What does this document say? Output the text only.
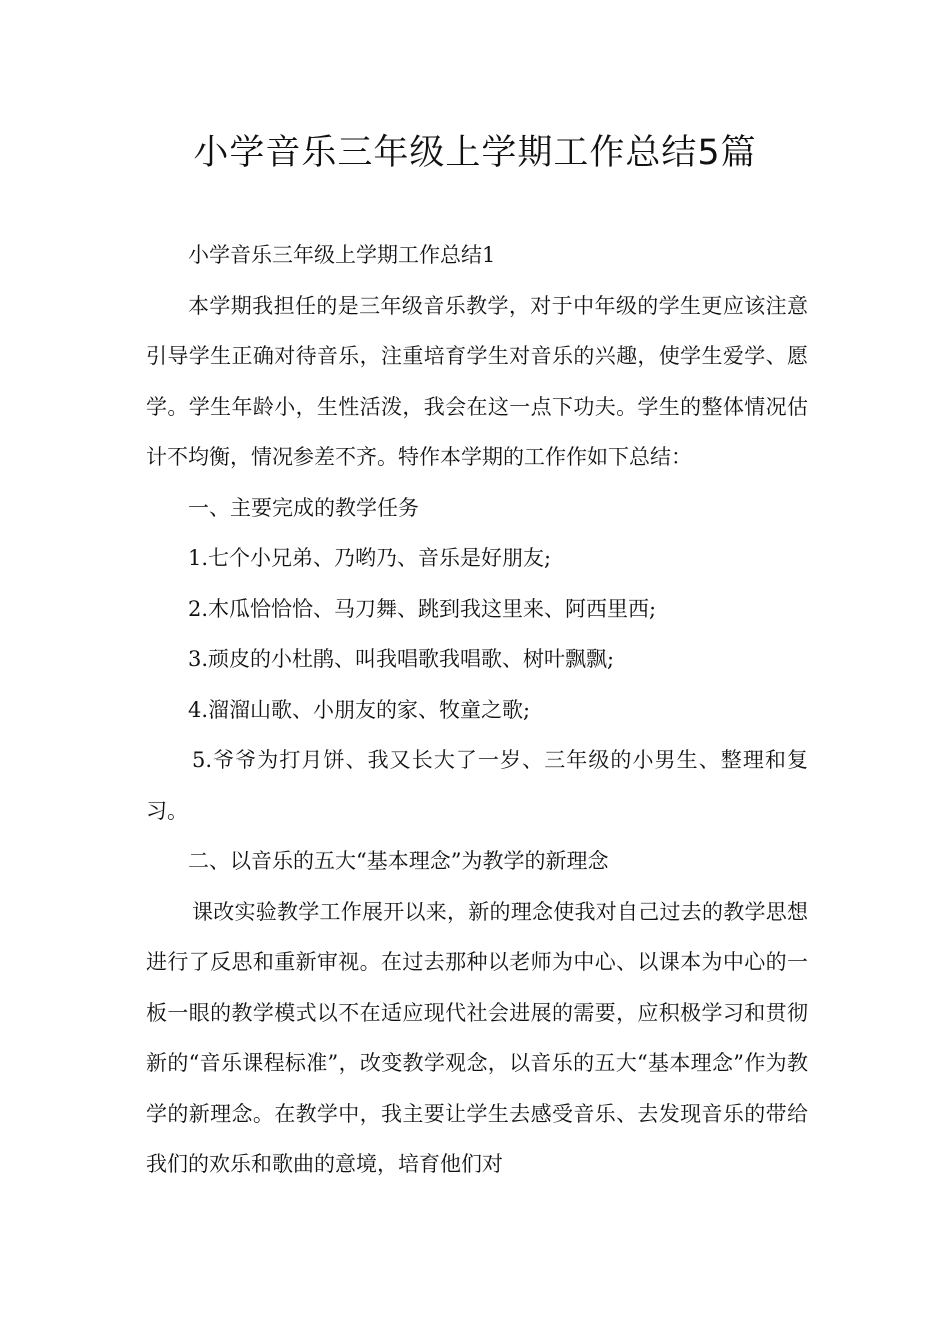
小学音乐三年级上学期工作总结5篇

小学音乐三年级上学期工作总结1

本学期我担任的是三年级音乐教学，对于中年级的学生更应该注意引导学生正确对待音乐，注重培育学生对音乐的兴趣，使学生爱学、愿学。学生年龄小，生性活泼，我会在这一点下功夫。学生的整体情况估计不均衡，情况参差不齐。特作本学期的工作作如下总结：

一、主要完成的教学任务

1.七个小兄弟、乃哟乃、音乐是好朋友;

2.木瓜恰恰恰、马刀舞、跳到我这里来、阿西里西;

3.顽皮的小杜鹃、叫我唱歌我唱歌、树叶飘飘;

4.溜溜山歌、小朋友的家、牧童之歌;

5.爷爷为打月饼、我又长大了一岁、三年级的小男生、整理和复习。

二、以音乐的五大“基本理念”为教学的新理念

课改实验教学工作展开以来，新的理念使我对自己过去的教学思想进行了反思和重新审视。在过去那种以老师为中心、以课本为中心的一板一眼的教学模式以不在适应现代社会进展的需要，应积极学习和贯彻新的“音乐课程标准”，改变教学观念，以音乐的五大“基本理念”作为教学的新理念。在教学中，我主要让学生去感受音乐、去发现音乐的带给我们的欢乐和歌曲的意境，培育他们对
